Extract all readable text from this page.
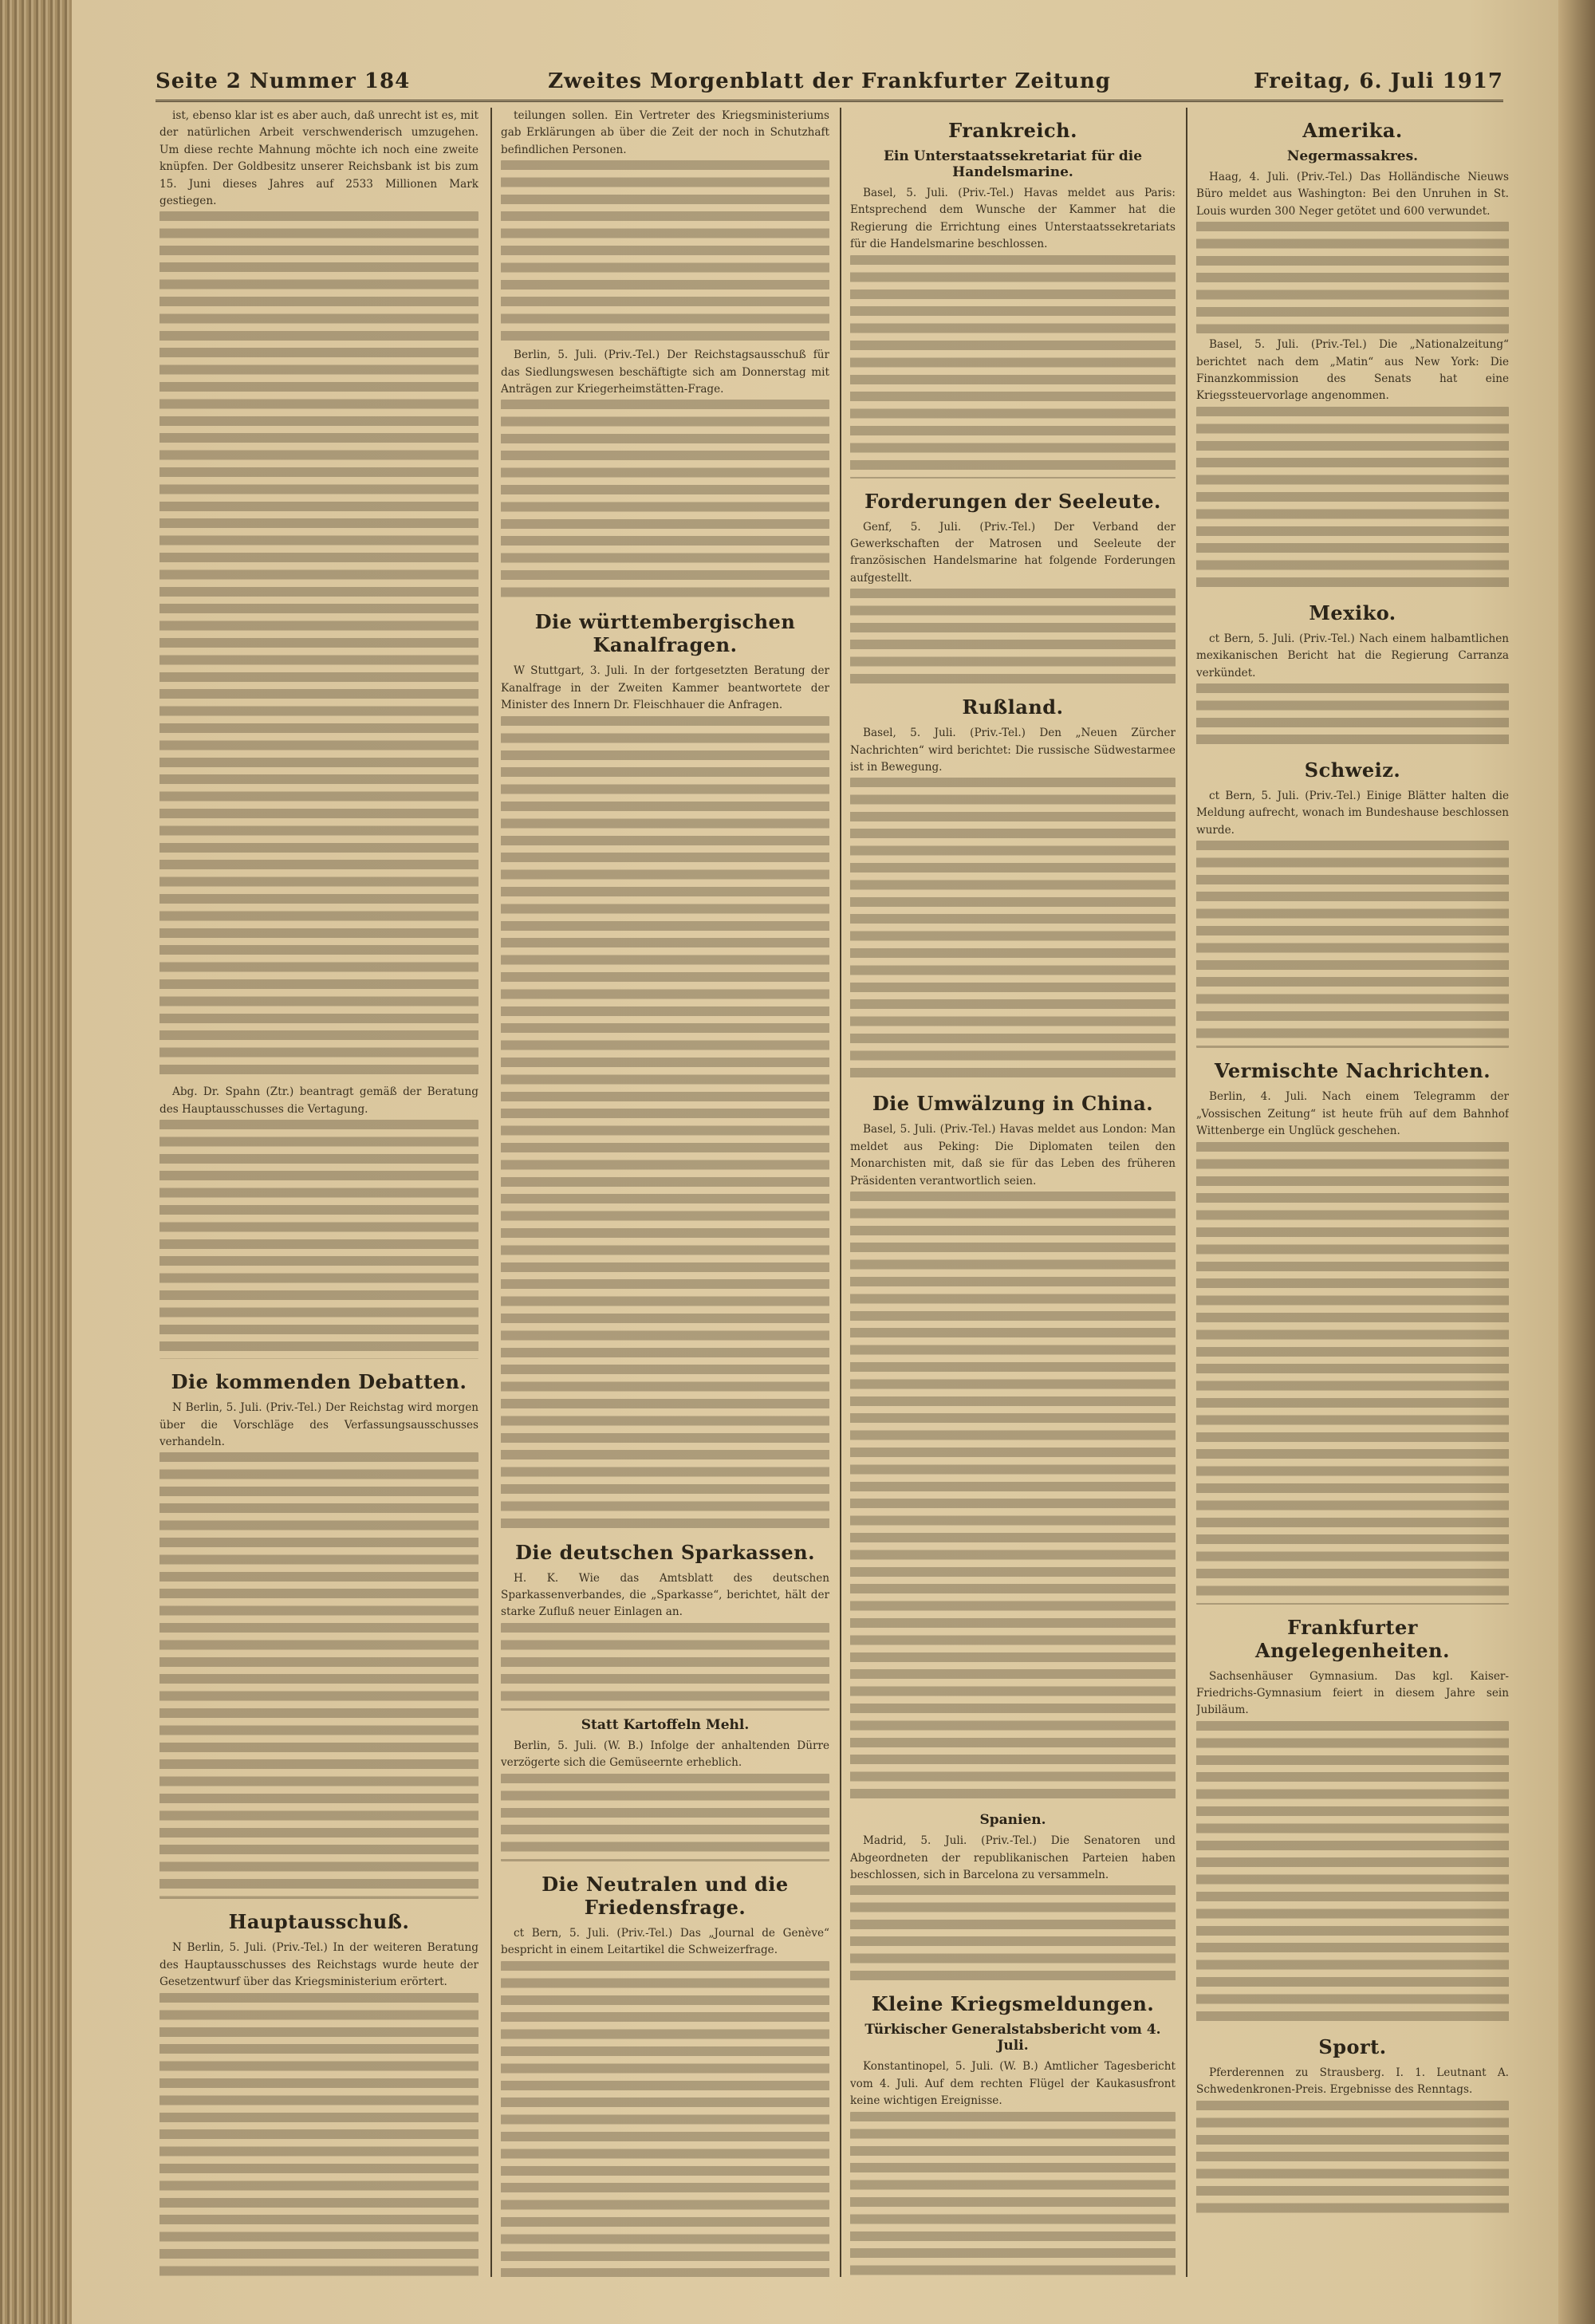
Seite 2 Nummer 184	Zweites Morgenblatt der Frankfurter Zeitung	Freitag, 6. Juli 1917
ist, ebenso klar ist es aber auch, daß unrecht ist es, mit der natürlichen Arbeit verschwenderisch umzugehen. Um diese rechte Mahnung möchte ich noch eine zweite knüpfen. Der Goldbesitz unserer Reichsbank ist bis zum 15. Juni dieses Jahres auf 2533 Millionen Mark gestiegen.
Abg. Dr. Spahn (Ztr.) beantragt gemäß der Beratung des Hauptausschusses die Vertagung.
Die kommenden Debatten.
N Berlin, 5. Juli. (Priv.-Tel.) Der Reichstag wird morgen über die Vorschläge des Verfassungsausschusses verhandeln.
Hauptausschuß.
N Berlin, 5. Juli. (Priv.-Tel.) In der weiteren Beratung des Hauptausschusses des Reichstags wurde heute der Gesetzentwurf über das Kriegsministerium erörtert.
teilungen sollen. Ein Vertreter des Kriegsministeriums gab Erklärungen ab über die Zeit der noch in Schutzhaft befindlichen Personen.
Berlin, 5. Juli. (Priv.-Tel.) Der Reichstagsausschuß für das Siedlungswesen beschäftigte sich am Donnerstag mit Anträgen zur Kriegerheimstätten-Frage.
Die württembergischen Kanalfragen.
W Stuttgart, 3. Juli. In der fortgesetzten Beratung der Kanalfrage in der Zweiten Kammer beantwortete der Minister des Innern Dr. Fleischhauer die Anfragen.
Die deutschen Sparkassen.
H. K. Wie das Amtsblatt des deutschen Sparkassenverbandes, die „Sparkasse“, berichtet, hält der starke Zufluß neuer Einlagen an.
Statt Kartoffeln Mehl.
Berlin, 5. Juli. (W. B.) Infolge der anhaltenden Dürre verzögerte sich die Gemüseernte erheblich.
Die Neutralen und die Friedensfrage.
ct Bern, 5. Juli. (Priv.-Tel.) Das „Journal de Genève“ bespricht in einem Leitartikel die Schweizerfrage.
Frankreich.
Ein Unterstaatssekretariat für die Handelsmarine.
Basel, 5. Juli. (Priv.-Tel.) Havas meldet aus Paris: Entsprechend dem Wunsche der Kammer hat die Regierung die Errichtung eines Unterstaatssekretariats für die Handelsmarine beschlossen.
Forderungen der Seeleute.
Genf, 5. Juli. (Priv.-Tel.) Der Verband der Gewerkschaften der Matrosen und Seeleute der französischen Handelsmarine hat folgende Forderungen aufgestellt.
Rußland.
Basel, 5. Juli. (Priv.-Tel.) Den „Neuen Zürcher Nachrichten“ wird berichtet: Die russische Südwestarmee ist in Bewegung.
Die Umwälzung in China.
Basel, 5. Juli. (Priv.-Tel.) Havas meldet aus London: Man meldet aus Peking: Die Diplomaten teilen den Monarchisten mit, daß sie für das Leben des früheren Präsidenten verantwortlich seien.
Spanien.
Madrid, 5. Juli. (Priv.-Tel.) Die Senatoren und Abgeordneten der republikanischen Parteien haben beschlossen, sich in Barcelona zu versammeln.
Kleine Kriegsmeldungen.
Türkischer Generalstabsbericht vom 4. Juli.
Konstantinopel, 5. Juli. (W. B.) Amtlicher Tagesbericht vom 4. Juli. Auf dem rechten Flügel der Kaukasusfront keine wichtigen Ereignisse.
Amerika.
Negermassakres.
Haag, 4. Juli. (Priv.-Tel.) Das Holländische Nieuws Büro meldet aus Washington: Bei den Unruhen in St. Louis wurden 300 Neger getötet und 600 verwundet.
Basel, 5. Juli. (Priv.-Tel.) Die „Nationalzeitung“ berichtet nach dem „Matin“ aus New York: Die Finanzkommission des Senats hat eine Kriegssteuervorlage angenommen.
Mexiko.
ct Bern, 5. Juli. (Priv.-Tel.) Nach einem halbamtlichen mexikanischen Bericht hat die Regierung Carranza verkündet.
Schweiz.
ct Bern, 5. Juli. (Priv.-Tel.) Einige Blätter halten die Meldung aufrecht, wonach im Bundeshause beschlossen wurde.
Vermischte Nachrichten.
Berlin, 4. Juli. Nach einem Telegramm der „Vossischen Zeitung“ ist heute früh auf dem Bahnhof Wittenberge ein Unglück geschehen.
Frankfurter Angelegenheiten.
Sachsenhäuser Gymnasium. Das kgl. Kaiser-Friedrichs-Gymnasium feiert in diesem Jahre sein Jubiläum.
Sport.
Pferderennen zu Strausberg. I. 1. Leutnant A. Schwedenkronen-Preis. Ergebnisse des Renntags.
